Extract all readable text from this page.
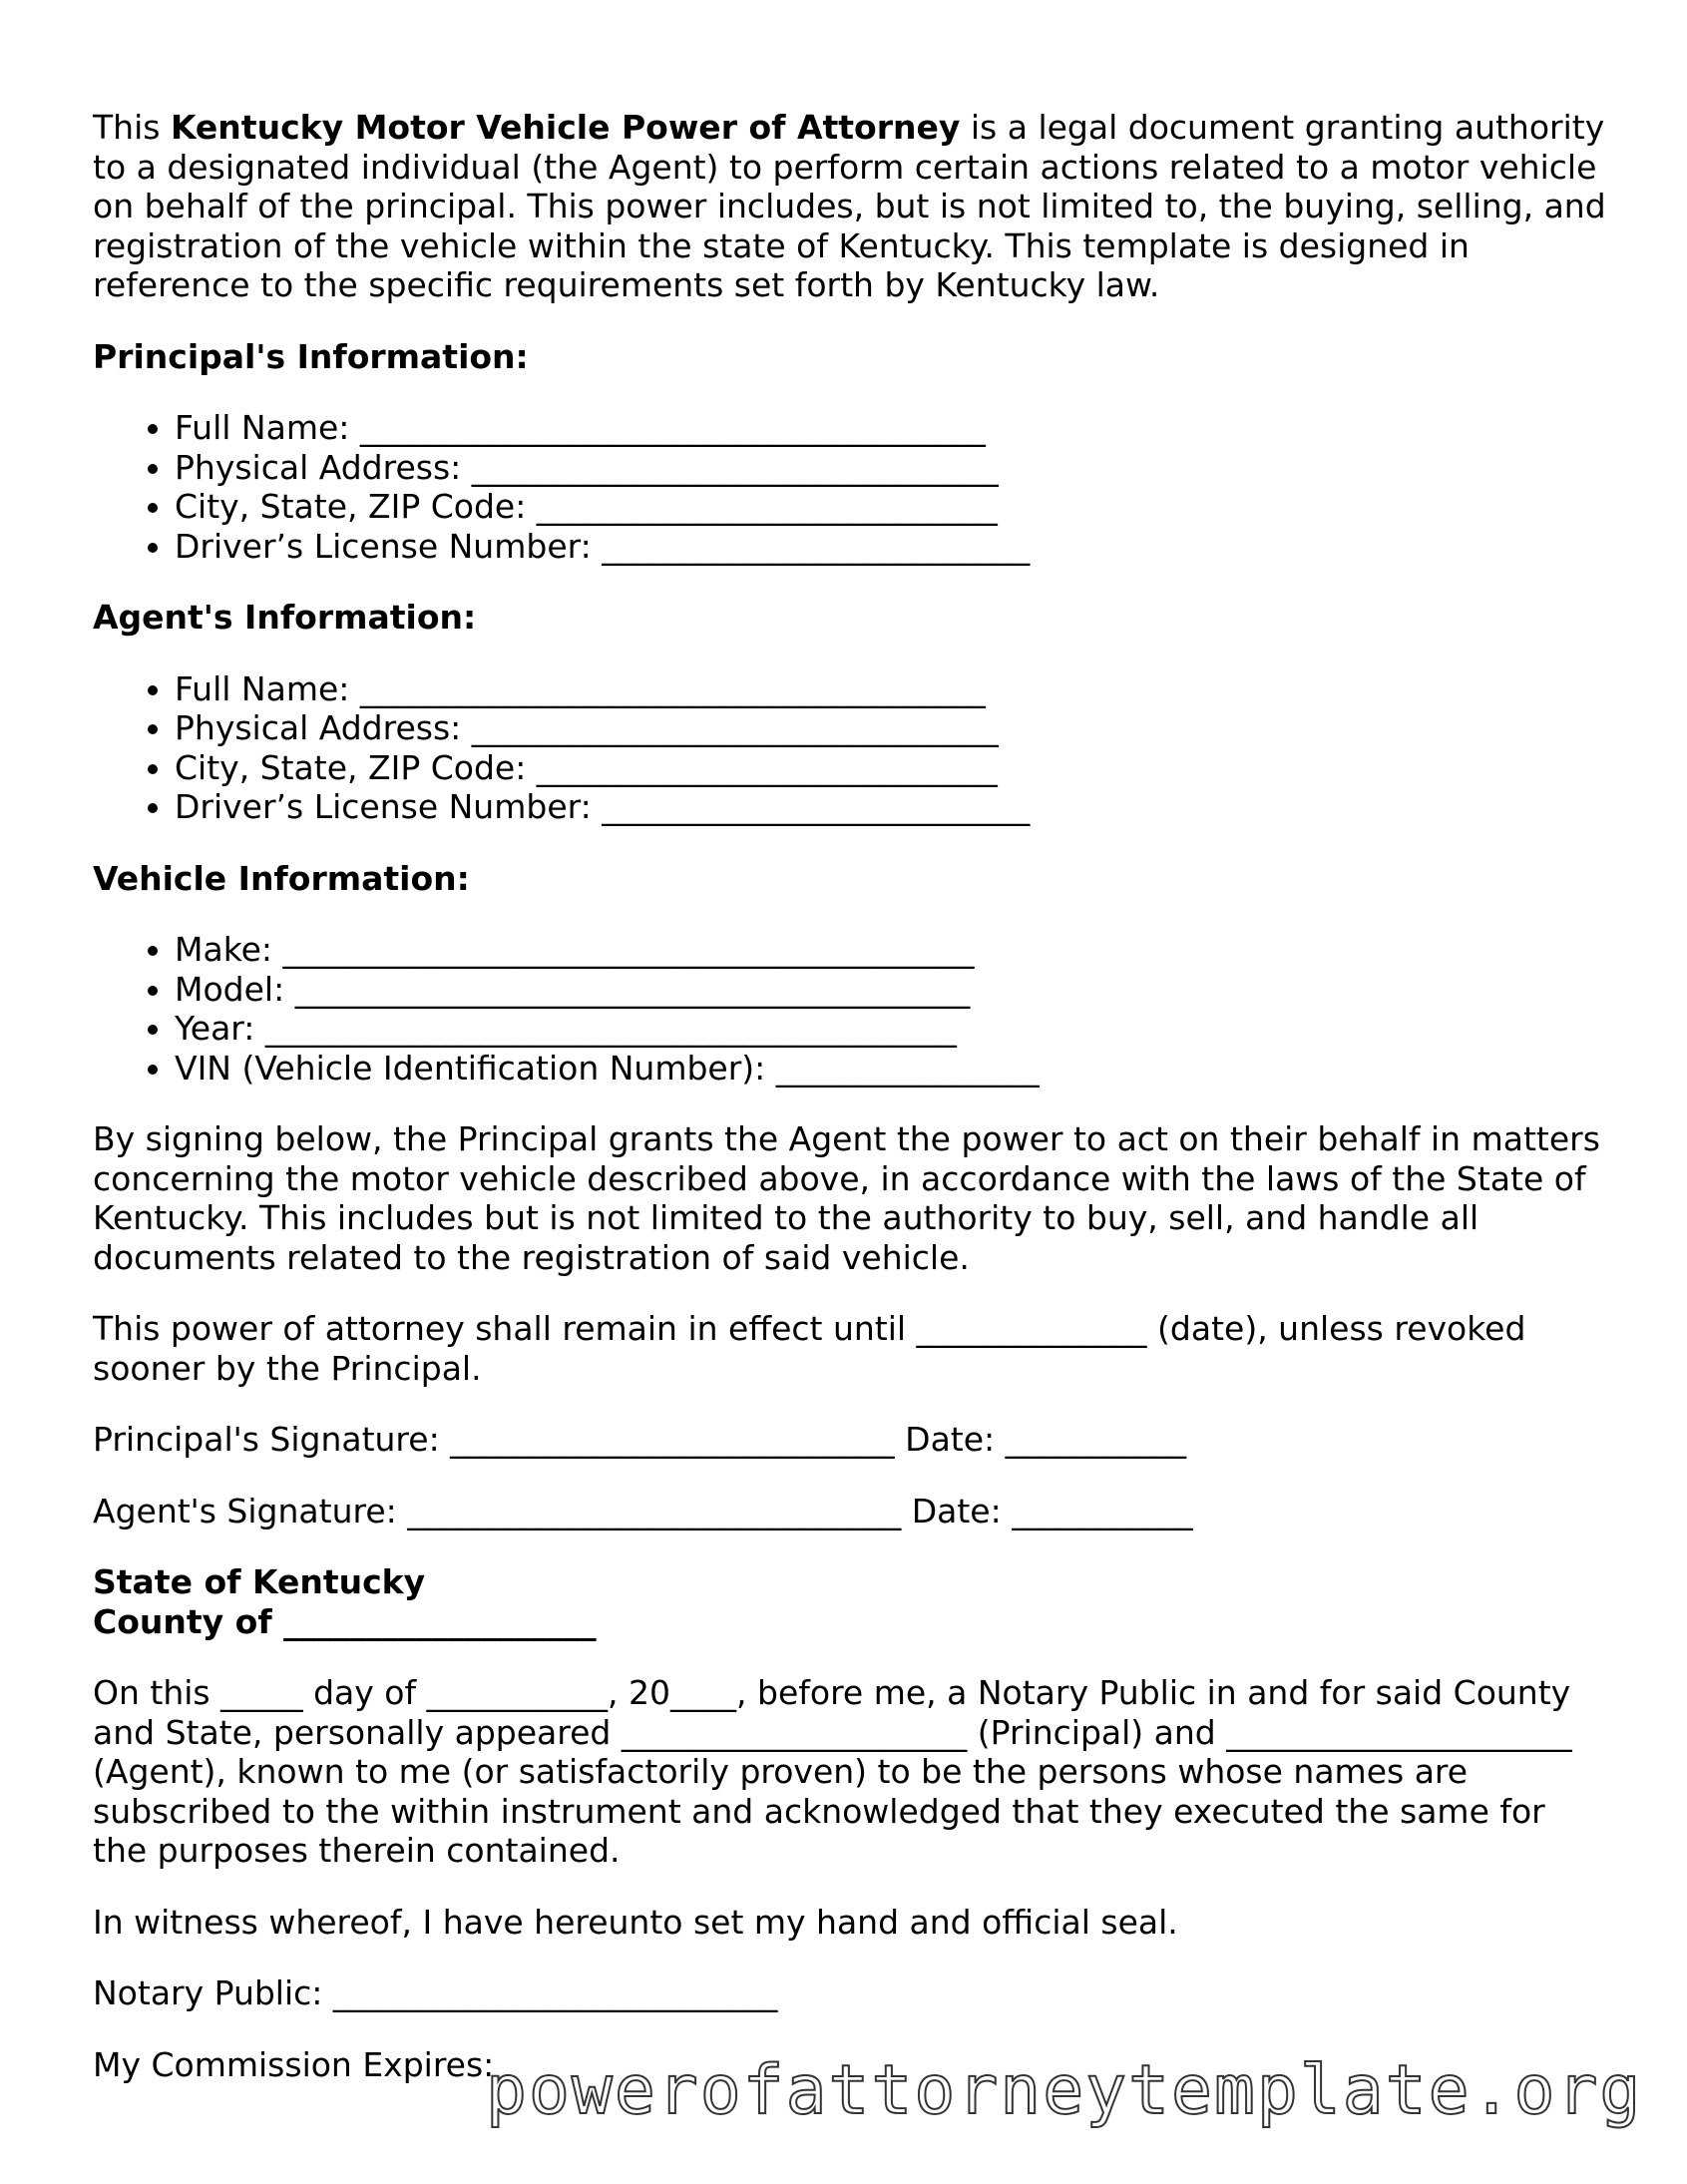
This Kentucky Motor Vehicle Power of Attorney is a legal document granting authority to a designated individual (the Agent) to perform certain actions related to a motor vehicle on behalf of the principal. This power includes, but is not limited to, the buying, selling, and registration of the vehicle within the state of Kentucky. This template is designed in reference to the specific requirements set forth by Kentucky law.

Principal's Information:
• Full Name: ______________________________________
• Physical Address: ________________________________
• City, State, ZIP Code: ____________________________
• Driver’s License Number: __________________________
Agent's Information:
• Full Name: ______________________________________
• Physical Address: ________________________________
• City, State, ZIP Code: ____________________________
• Driver’s License Number: __________________________
Vehicle Information:
• Make: __________________________________________
• Model: _________________________________________
• Year: __________________________________________
• VIN (Vehicle Identification Number): ________________

By signing below, the Principal grants the Agent the power to act on their behalf in matters concerning the motor vehicle described above, in accordance with the laws of the State of Kentucky. This includes but is not limited to the authority to buy, sell, and handle all documents related to the registration of said vehicle.

This power of attorney shall remain in effect until ______________ (date), unless revoked sooner by the Principal.

Principal's Signature: ___________________________ Date: ___________

Agent's Signature: ______________________________ Date: ___________

State of Kentucky
County of ___________________

On this _____ day of ___________, 20____, before me, a Notary Public in and for said County and State, personally appeared _____________________ (Principal) and _____________________ (Agent), known to me (or satisfactorily proven) to be the persons whose names are subscribed to the within instrument and acknowledged that they executed the same for the purposes therein contained.

In witness whereof, I have hereunto set my hand and official seal.

Notary Public: ___________________________

My Commission Expires:

powerofattorneytemplate.org
